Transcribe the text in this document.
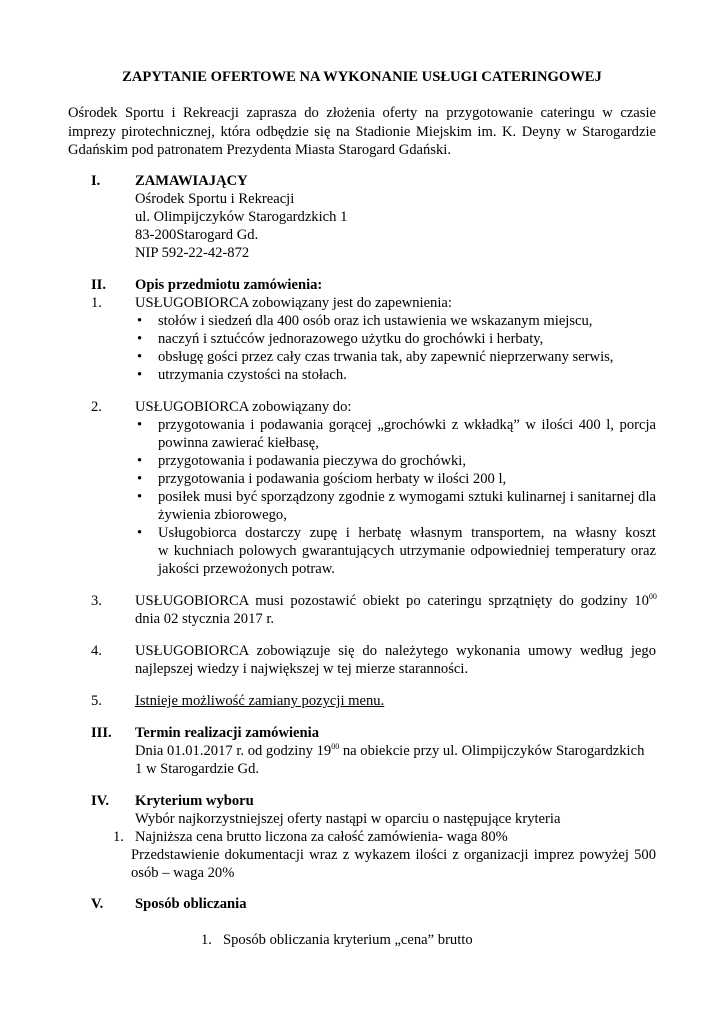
ZAPYTANIE OFERTOWE NA WYKONANIE USŁUGI CATERINGOWEJ
Ośrodek Sportu i Rekreacji zaprasza do złożenia oferty na przygotowanie cateringu w czasie
imprezy pirotechnicznej, która odbędzie się na Stadionie Miejskim im. K. Deyny w Starogardzie
Gdańskim pod patronatem Prezydenta Miasta Starogard Gdański.
I. ZAMAWIAJĄCY
Ośrodek Sportu i Rekreacji
ul. Olimpijczyków Starogardzkich 1
83-200Starogard Gd.
NIP 592-22-42-872
II. Opis przedmiotu zamówienia:
1. USŁUGOBIORCA zobowiązany jest do zapewnienia:
• stołów i siedzeń dla 400 osób oraz ich ustawienia we wskazanym miejscu,
• naczyń i sztućców jednorazowego użytku do grochówki i herbaty,
• obsługę gości przez cały czas trwania tak, aby zapewnić nieprzerwany serwis,
• utrzymania czystości na stołach.
2. USŁUGOBIORCA zobowiązany do:
• przygotowania i podawania gorącej „grochówki z wkładką” w ilości 400 l, porcja
powinna zawierać kiełbasę,
• przygotowania i podawania pieczywa do grochówki,
• przygotowania i podawania gościom herbaty w ilości 200 l,
• posiłek musi być sporządzony zgodnie z wymogami sztuki kulinarnej i sanitarnej dla
żywienia zbiorowego,
• Usługobiorca dostarczy zupę i herbatę własnym transportem, na własny koszt
w kuchniach polowych gwarantujących utrzymanie odpowiedniej temperatury oraz
jakości przewożonych potraw.
3. USŁUGOBIORCA musi pozostawić obiekt po cateringu sprzątnięty do godziny $10^{00}$
dnia 02 stycznia 2017 r.
4. USŁUGOBIORCA zobowiązuje się do należytego wykonania umowy według jego
najlepszej wiedzy i największej w tej mierze staranności.
5. Istnieje możliwość zamiany pozycji menu.
III. Termin realizacji zamówienia
Dnia 01.01.2017 r. od godziny $19^{00}$ na obiekcie przy ul. Olimpijczyków Starogardzkich
1 w Starogardzie Gd.
IV. Kryterium wyboru
Wybór najkorzystniejszej oferty nastąpi w oparciu o następujące kryteria
1. Najniższa cena brutto liczona za całość zamówienia- waga 80%
Przedstawienie dokumentacji wraz z wykazem ilości z organizacji imprez powyżej 500
osób – waga 20%
V. Sposób obliczania
1. Sposób obliczania kryterium „cena” brutto
